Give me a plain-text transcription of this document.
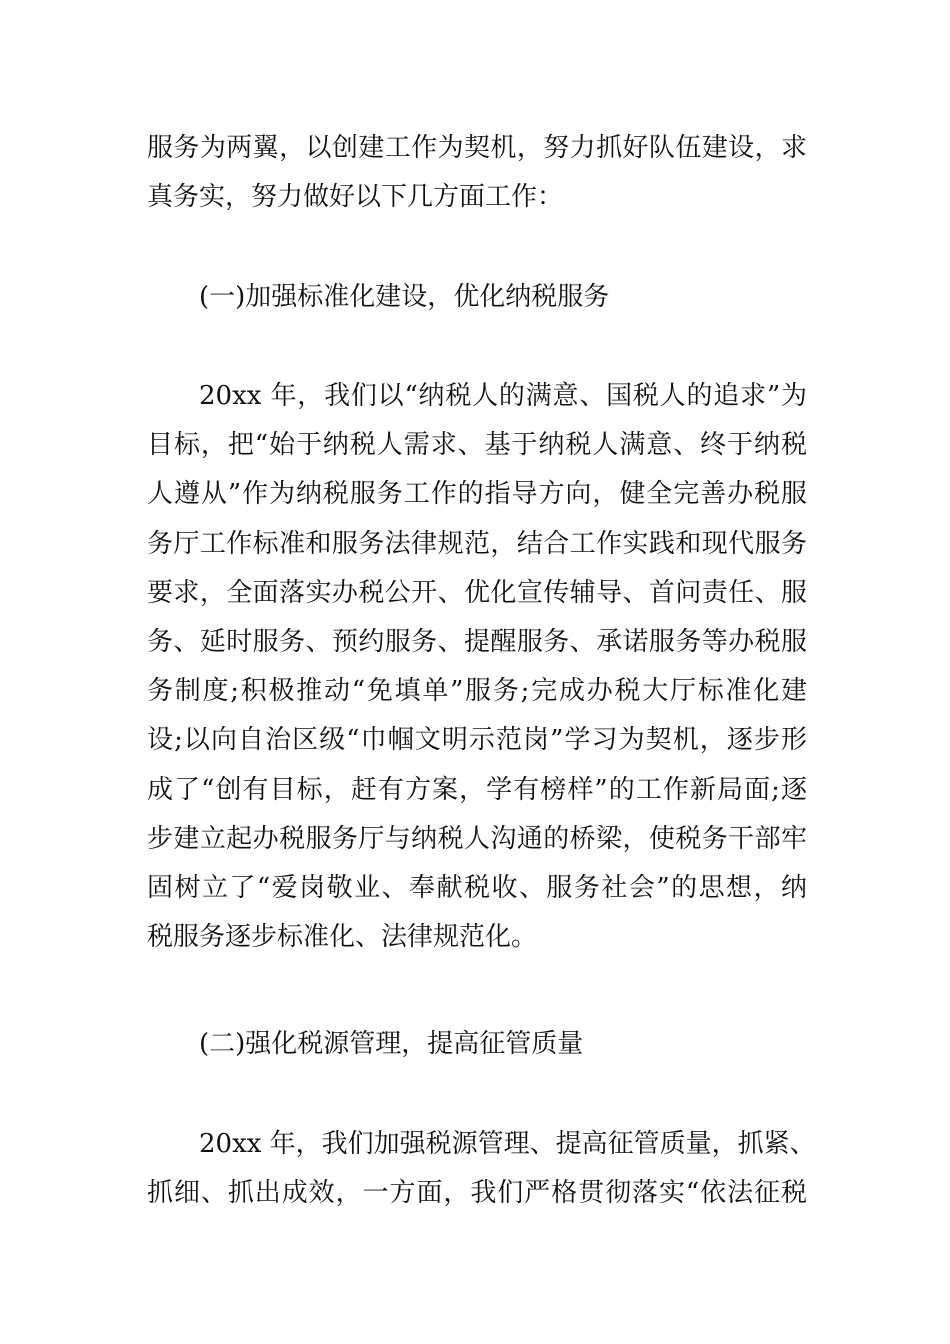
服务为两翼，以创建工作为契机，努力抓好队伍建设，求
真务实，努力做好以下几方面工作：
(一)加强标准化建设，优化纳税服务
20xx 年，我们以“纳税人的满意、国税人的追求”为
目标，把“始于纳税人需求、基于纳税人满意、终于纳税
人遵从”作为纳税服务工作的指导方向，健全完善办税服
务厅工作标准和服务法律规范，结合工作实践和现代服务
要求，全面落实办税公开、优化宣传辅导、首问责任、服
务、延时服务、预约服务、提醒服务、承诺服务等办税服
务制度;积极推动“免填单”服务;完成办税大厅标准化建
设;以向自治区级“巾帼文明示范岗”学习为契机，逐步形
成了“创有目标，赶有方案，学有榜样”的工作新局面;逐
步建立起办税服务厅与纳税人沟通的桥梁，使税务干部牢
固树立了“爱岗敬业、奉献税收、服务社会”的思想，纳
税服务逐步标准化、法律规范化。
(二)强化税源管理，提高征管质量
20xx 年，我们加强税源管理、提高征管质量，抓紧、
抓细、抓出成效，一方面，我们严格贯彻落实“依法征税
